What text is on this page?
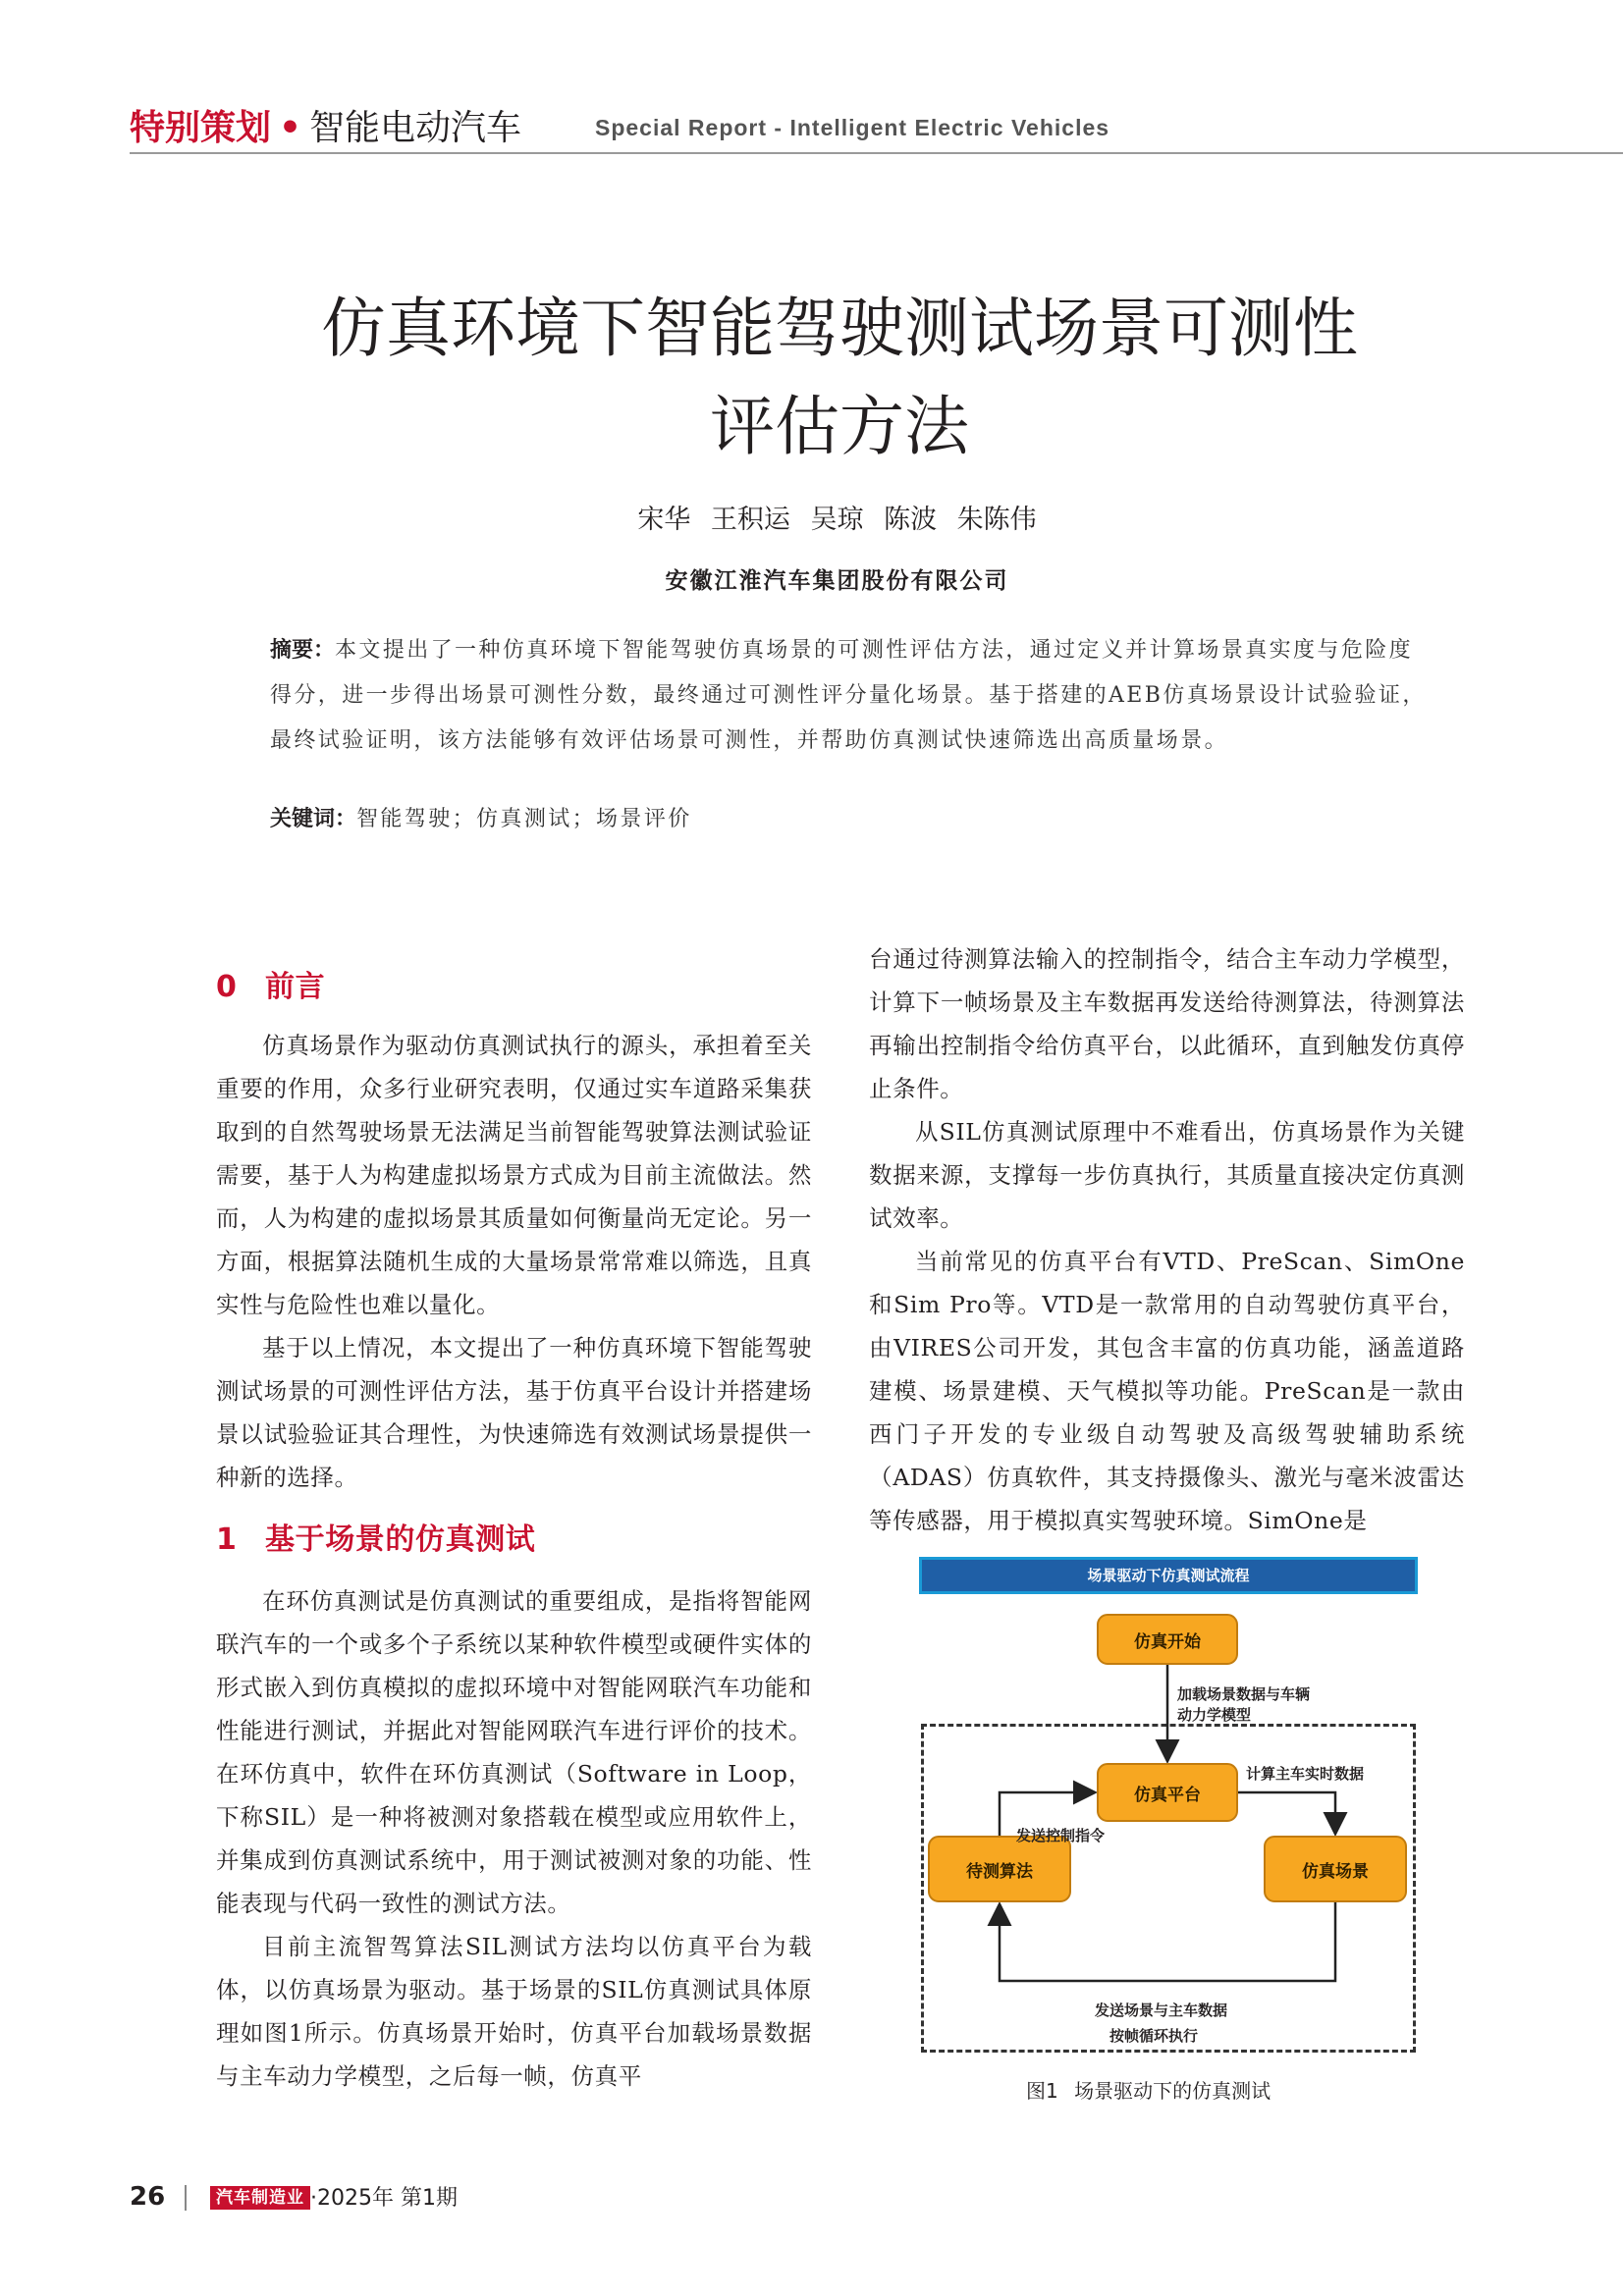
特别策划 • 智能电动汽车	Special Report - Intelligent Electric Vehicles
仿真环境下智能驾驶测试场景可测性
评估方法
宋华 王积运 吴琼 陈波 朱陈伟
安徽江淮汽车集团股份有限公司
摘要：本文提出了一种仿真环境下智能驾驶仿真场景的可测性评估方法，通过定义并计算场景真实度与危险度得分，进一步得出场景可测性分数，最终通过可测性评分量化场景。基于搭建的AEB仿真场景设计试验验证，最终试验证明，该方法能够有效评估场景可测性，并帮助仿真测试快速筛选出高质量场景。
关键词：智能驾驶；仿真测试；场景评价
0 前言

仿真场景作为驱动仿真测试执行的源头，承担着至关重要的作用，众多行业研究表明，仅通过实车道路采集获取到的自然驾驶场景无法满足当前智能驾驶算法测试验证需要，基于人为构建虚拟场景方式成为目前主流做法。然而，人为构建的虚拟场景其质量如何衡量尚无定论。另一方面，根据算法随机生成的大量场景常常难以筛选，且真实性与危险性也难以量化。

基于以上情况，本文提出了一种仿真环境下智能驾驶测试场景的可测性评估方法，基于仿真平台设计并搭建场景以试验验证其合理性，为快速筛选有效测试场景提供一种新的选择。

1 基于场景的仿真测试

在环仿真测试是仿真测试的重要组成，是指将智能网联汽车的一个或多个子系统以某种软件模型或硬件实体的形式嵌入到仿真模拟的虚拟环境中对智能网联汽车功能和性能进行测试，并据此对智能网联汽车进行评价的技术。在环仿真中，软件在环仿真测试（Software in Loop，下称SIL）是一种将被测对象搭载在模型或应用软件上，并集成到仿真测试系统中，用于测试被测对象的功能、性能表现与代码一致性的测试方法。

目前主流智驾算法SIL测试方法均以仿真平台为载体，以仿真场景为驱动。基于场景的SIL仿真测试具体原理如图1所示。仿真场景开始时，仿真平台加载场景数据与主车动力学模型，之后每一帧，仿真平

台通过待测算法输入的控制指令，结合主车动力学模型，计算下一帧场景及主车数据再发送给待测算法，待测算法再输出控制指令给仿真平台，以此循环，直到触发仿真停止条件。

从SIL仿真测试原理中不难看出，仿真场景作为关键数据来源，支撑每一步仿真执行，其质量直接决定仿真测试效率。

当前常见的仿真平台有VTD、PreScan、SimOne和Sim Pro等。VTD是一款常用的自动驾驶仿真平台，由VIRES公司开发，其包含丰富的仿真功能，涵盖道路建模、场景建模、天气模拟等功能。PreScan是一款由西门子开发的专业级自动驾驶及高级驾驶辅助系统（ADAS）仿真软件，其支持摄像头、激光与毫米波雷达等传感器，用于模拟真实驾驶环境。SimOne是

场景驱动下仿真测试流程
仿真开始
仿真平台
待测算法	仿真场景
加载场景数据与车辆
动力学模型
计算主车实时数据
发送控制指令
发送场景与主车数据
按帧循环执行
图1 场景驱动下的仿真测试
26	汽车制造业 ·2025年 第1期
